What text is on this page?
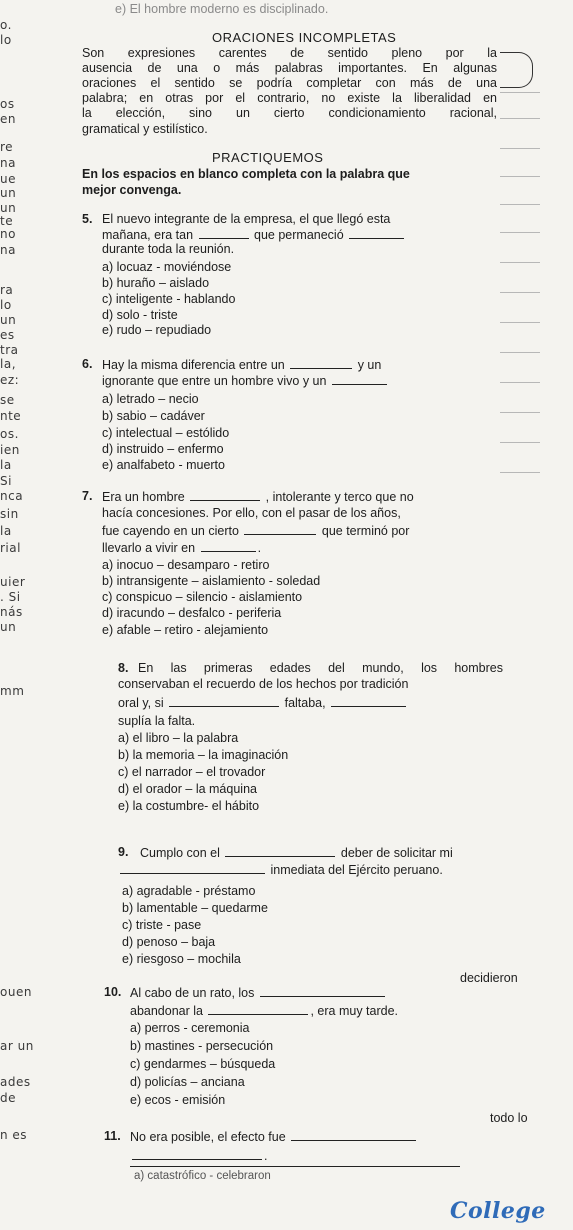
o.
lo
os
en
re
na
ue
un
un
te
no
na
ra
lo
un
es
tra
la,
ez:
se
nte
os.
ien
la
Si
nca
sin
la
rial
uier
. Si
nás
un
mm
ouen
ar un
ades
de
n es
e) El hombre moderno es disciplinado.
ORACIONES INCOMPLETAS
Son expresiones carentes de sentido pleno por la
ausencia de una o más palabras importantes. En algunas
oraciones el sentido se podría completar con más de una
palabra; en otras por el contrario, no existe la liberalidad en
la elección, sino un cierto condicionamiento racional,
gramatical y estilístico.
PRACTIQUEMOS
En los espacios en blanco completa con la palabra que
mejor convenga.
5. El nuevo integrante de la empresa, el que llegó esta
mañana, era tan	que permaneció
durante toda la reunión.
a) locuaz - moviéndose
b) huraño – aislado
c) inteligente - hablando
d) solo - triste
e) rudo – repudiado
6. Hay la misma diferencia entre un	y un
ignorante que entre un hombre vivo y un
a) letrado – necio
b) sabio – cadáver
c) intelectual – estólido
d) instruido – enfermo
e) analfabeto - muerto
7. Era un hombre	, intolerante y terco que no
hacía concesiones. Por ello, con el pasar de los años,
fue cayendo en un cierto	que terminó por
llevarlo a vivir en	.
a) inocuo – desamparo - retiro
b) intransigente – aislamiento - soledad
c) conspicuo – silencio - aislamiento
d) iracundo – desfalco - periferia
e) afable – retiro - alejamiento
8. En las primeras edades del mundo, los hombres
conservaban el recuerdo de los hechos por tradición
oral y, si	faltaba,
suplía la falta.
a) el libro – la palabra
b) la memoria – la imaginación
c) el narrador – el trovador
d) el orador – la máquina
e) la costumbre- el hábito
9. Cumplo con el	deber de solicitar mi
inmediata del Ejército peruano.
a) agradable - préstamo
b) lamentable – quedarme
c) triste - pase
d) penoso – baja
e) riesgoso – mochila
decidieron
10. Al cabo de un rato, los
abandonar la	, era muy tarde.
a) perros - ceremonia
b) mastines - persecución
c) gendarmes – búsqueda
d) policías – anciana
e) ecos - emisión
todo lo
11. No era posible, el efecto fue
.
a) catastrófico - celebraron
College
